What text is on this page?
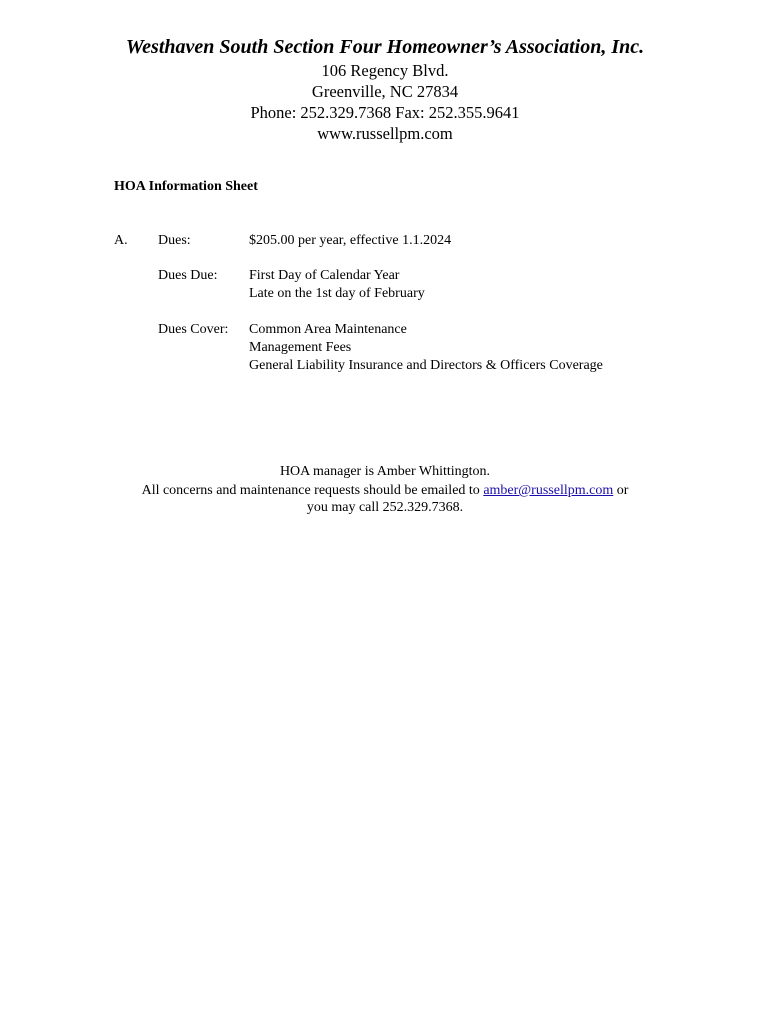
Westhaven South Section Four Homeowner’s Association, Inc.
106 Regency Blvd.
Greenville, NC 27834
Phone: 252.329.7368 Fax: 252.355.9641
www.russellpm.com
HOA Information Sheet
A. Dues:	$205.00 per year, effective 1.1.2024
Dues Due: First Day of Calendar Year
Late on the 1st day of February
Dues Cover: Common Area Maintenance
Management Fees
General Liability Insurance and Directors & Officers Coverage
HOA manager is Amber Whittington.
All concerns and maintenance requests should be emailed to amber@russellpm.com or
you may call 252.329.7368.
